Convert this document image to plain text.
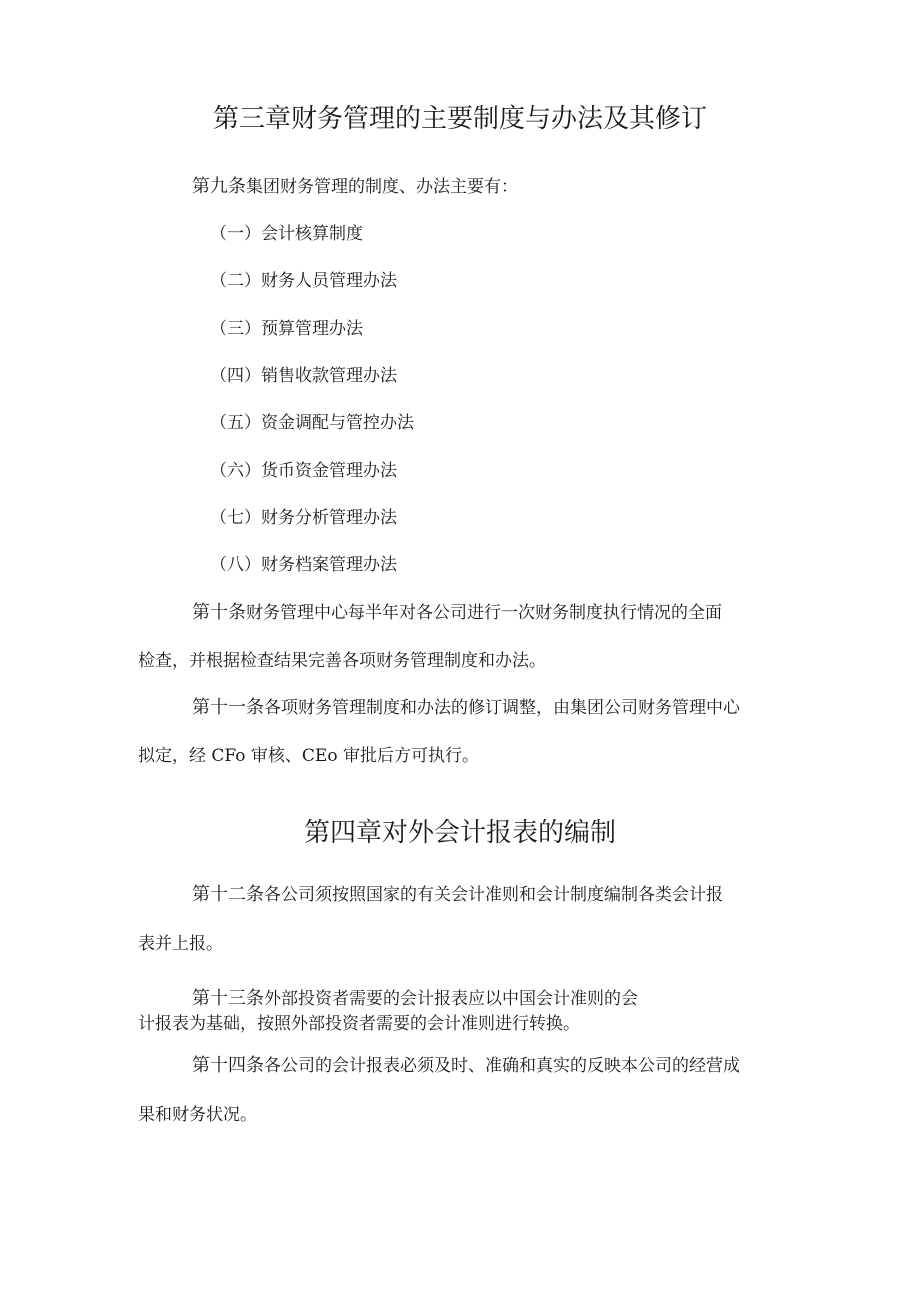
第三章财务管理的主要制度与办法及其修订

第九条集团财务管理的制度、办法主要有：

（一）会计核算制度
（二）财务人员管理办法
（三）预算管理办法
（四）销售收款管理办法
（五）资金调配与管控办法
（六）货币资金管理办法
（七）财务分析管理办法
（八）财务档案管理办法

第十条财务管理中心每半年对各公司进行一次财务制度执行情况的全面

检查，并根据检查结果完善各项财务管理制度和办法。

第十一条各项财务管理制度和办法的修订调整，由集团公司财务管理中心

拟定，经 CFo 审核、CEo 审批后方可执行。

第四章对外会计报表的编制

第十二条各公司须按照国家的有关会计准则和会计制度编制各类会计报

表并上报。

第十三条外部投资者需要的会计报表应以中国会计准则的会

计报表为基础，按照外部投资者需要的会计准则进行转换。

第十四条各公司的会计报表必须及时、准确和真实的反映本公司的经营成

果和财务状况。
